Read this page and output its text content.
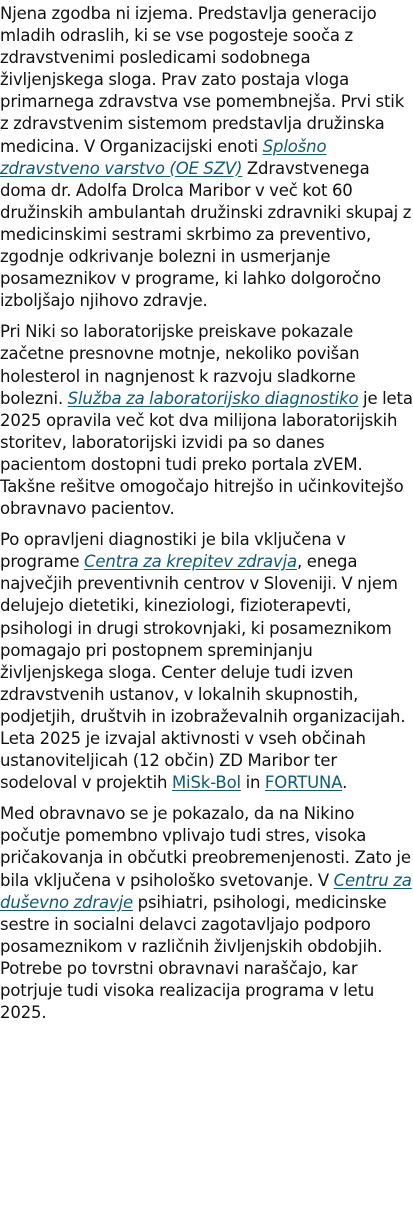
Njena zgodba ni izjema. Predstavlja generacijo mladih odraslih, ki se vse pogosteje sooča z zdravstvenimi posledicami sodobnega življenjskega sloga. Prav zato postaja vloga primarnega zdravstva vse pomembnejša. Prvi stik z zdravstvenim sistemom predstavlja družinska medicina. V Organizacijski enoti Splošno zdravstveno varstvo (OE SZV) Zdravstvenega doma dr. Adolfa Drolca Maribor v več kot 60 družinskih ambulantah družinski zdravniki skupaj z medicinskimi sestrami skrbimo za preventivo, zgodnje odkrivanje bolezni in usmerjanje posameznikov v programe, ki lahko dolgoročno izboljšajo njihovo zdravje.

Pri Niki so laboratorijske preiskave pokazale začetne presnovne motnje, nekoliko povišan holesterol in nagnjenost k razvoju sladkorne bolezni. Služba za laboratorijsko diagnostiko je leta 2025 opravila več kot dva milijona laboratorijskih storitev, laboratorijski izvidi pa so danes pacientom dostopni tudi preko portala zVEM. Takšne rešitve omogočajo hitrejšo in učinkovitejšo obravnavo pacientov.

Po opravljeni diagnostiki je bila vključena v programe Centra za krepitev zdravja, enega največjih preventivnih centrov v Sloveniji. V njem delujejo dietetiki, kineziologi, fizioterapevti, psihologi in drugi strokovnjaki, ki posameznikom pomagajo pri postopnem spreminjanju življenjskega sloga. Center deluje tudi izven zdravstvenih ustanov, v lokalnih skupnostih, podjetjih, društvih in izobraževalnih organizacijah. Leta 2025 je izvajal aktivnosti v vseh občinah ustanoviteljicah (12 občin) ZD Maribor ter sodeloval v projektih MiSk-Bol in FORTUNA.

Med obravnavo se je pokazalo, da na Nikino počutje pomembno vplivajo tudi stres, visoka pričakovanja in občutki preobremenjenosti. Zato je bila vključena v psihološko svetovanje. V Centru za duševno zdravje psihiatri, psihologi, medicinske sestre in socialni delavci zagotavljajo podporo posameznikom v različnih življenjskih obdobjih. Potrebe po tovrstni obravnavi naraščajo, kar potrjuje tudi visoka realizacija programa v letu 2025.
